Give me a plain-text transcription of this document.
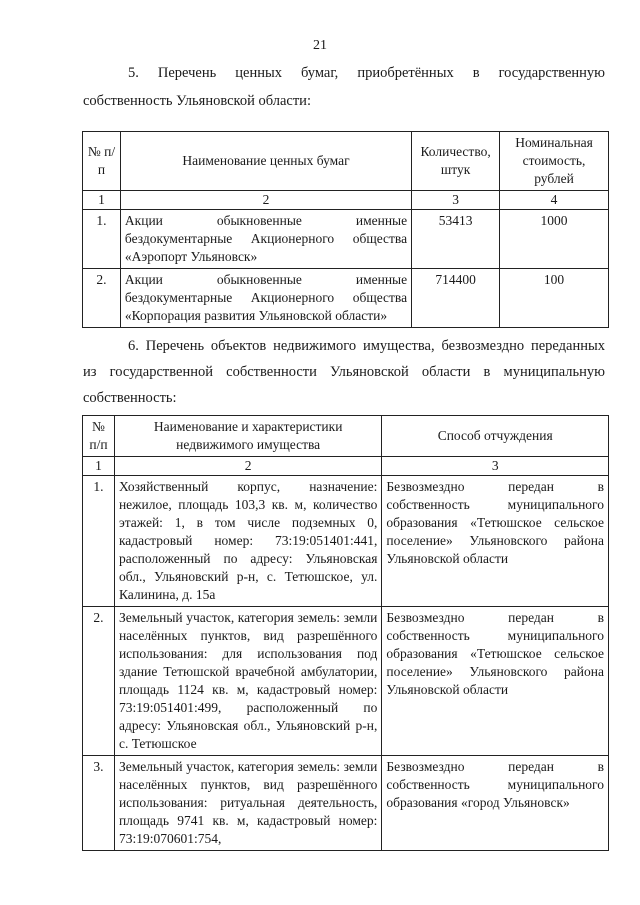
21
5. Перечень ценных бумаг, приобретённых в государственную
собственность Ульяновской области:
№ п/п	Наименование ценных бумаг	Количество, штук	Номинальная стоимость, рублей
1	2	3	4
1.	Акции обыкновенные именные бездокументарные Акционерного общества «Аэропорт Ульяновск»	53413	1000
2.	Акции обыкновенные именные бездокументарные Акционерного общества «Корпорация развития Ульяновской области»	714400	100
6. Перечень объектов недвижимого имущества, безвозмездно переданных
из государственной собственности Ульяновской области в муниципальную
собственность:
№ п/п	Наименование и характеристики недвижимого имущества	Способ отчуждения
1	2	3
1.	Хозяйственный корпус, назначение: нежилое, площадь 103,3 кв. м, количество этажей: 1, в том числе подземных 0, кадастровый номер: 73:19:051401:441, расположенный по адресу: Ульяновская обл., Ульяновский р-н, с. Тетюшское, ул. Калинина, д. 15а	Безвозмездно передан в собственность муниципального образования «Тетюшское сельское поселение» Ульяновского района Ульяновской области
2.	Земельный участок, категория земель: земли населённых пунктов, вид разрешённого использования: для использования под здание Тетюшской врачебной амбулатории, площадь 1124 кв. м, кадастровый номер: 73:19:051401:499, расположенный по адресу: Ульяновская обл., Ульяновский р-н, с. Тетюшское	Безвозмездно передан в собственность муниципального образования «Тетюшское сельское поселение» Ульяновского района Ульяновской области
3.	Земельный участок, категория земель: земли населённых пунктов, вид разрешённого использования: ритуальная деятельность, площадь 9741 кв. м, кадастровый номер: 73:19:070601:754,	Безвозмездно передан в собственность муниципального образования «город Ульяновск»
